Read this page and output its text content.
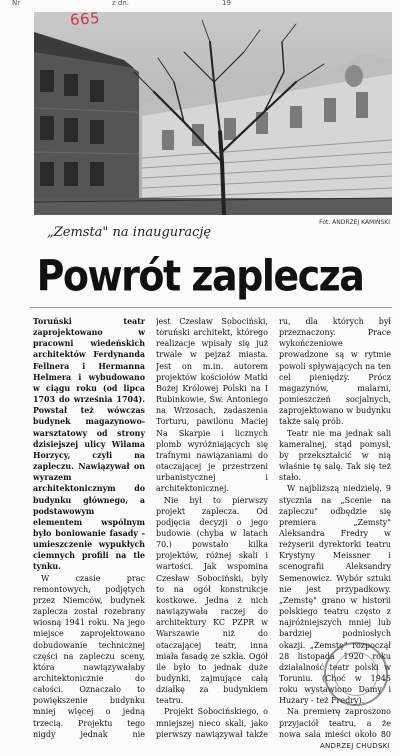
Nr	z dn.	19
665
Fot. ANDRZEJ KAMIŃSKI
„Zemsta" na inaugurację
Powrót zaplecza

Toruński teatr zaprojektowano w pracowni wiedeńskich architektów Ferdynanda Fellnera i Hermanna Helmera i wybudowano w ciągu roku (od lipca 1703 do września 1704). Powstał też wówczas budynek magazynowo-warsztatowy od strony dzisiejszej ulicy Wilama Horzycy, czyli na zapleczu. Nawiązywał on wyrazem architektonicznym do budynku głównego, a podstawowym elementem wspólnym było boniowanie fasady - umieszczenie wypukłych ciemnych profili na tle tynku.

W czasie prac remontowych, podjętych przez Niemców, budynek zaplecza został rozebrany wiosną 1941 roku. Na jego miejsce zaprojektowano dobudowanie technicznej części na zapleczu sceny, która nawiązywałaby architektonicznie do całości. Oznaczało to powiększenie budynku mniej więcej o jedną trzecią. Projektu tego nigdy jednak nie

jest Czesław Sobociński, toruński architekt, którego realizacje wpisały się już trwale w pejzaż miasta. Jest on m.in. autorem projektów kościołów Matki Bożej Królowej Polski na I Rubinkowie, Św. Antoniego na Wrzosach, zadaszenia Torturu, pawilonu Maciej Na Skarpie i licznych plomb wyróżniających się trafnymi nawiązaniami do otaczającej je przestrzeni urbanistycznej i architektonicznej.

Nie był to pierwszy projekt zaplecza. Od podjęcia decyzji o jego budowie (chyba w latach 70.) powstało kilka projektów, różnej skali i wartości. Jak wspomina Czesław Sobociński, były to na ogół konstrukcje kostkowe. Jedna z nich nawiązywała raczej do architektury KC PZPR w Warszawie niż do otaczającej teatr, inna miała fasadę ze szkła. Ogół ile było to jednak duże budynki, zajmujące całą działkę za budynkiem teatru.

Projekt Sobocińskiego, o mniejszej nieco skali, jako pierwszy nawiązywał także

ru, dla których był przeznaczony. Prace wykończeniowe prowadzone są w rytmie powoli spływających na ten cel pieniędzy. Prócz magazynów, malarni, pomieszczeń socjalnych, zaprojektowano w budynku także salę prób.

Teatr nie ma jednak sali kameralnej, stąd pomysł, by przekształcić w nią właśnie tę salę. Tak się też stało.

W najbliższą niedzielę, 9 stycznia na „Scenie na zapleczu" odbędzie się premiera „Zemsty" Aleksandra Fredry w reżyserii dyrektorki teatru Krystyny Meissner i scenografii Aleksandry Semenowicz. Wybór sztuki nie jest przypadkowy. „Zemstę" grano w historii polskiego teatru często z najróżniejszych mniej lub bardziej podniosłych okazji. „Zemstę" rozpoczął 28 listopada 1920 roku działalność teatr polski w Toruniu. (Choć w 1945 roku wystawiono Damy i Huzary - też Fredry).

Na premierę zaproszono przyjaciół teatru, a że nowa sala mieści około 80

ANDRZEJ CHUDSKI
